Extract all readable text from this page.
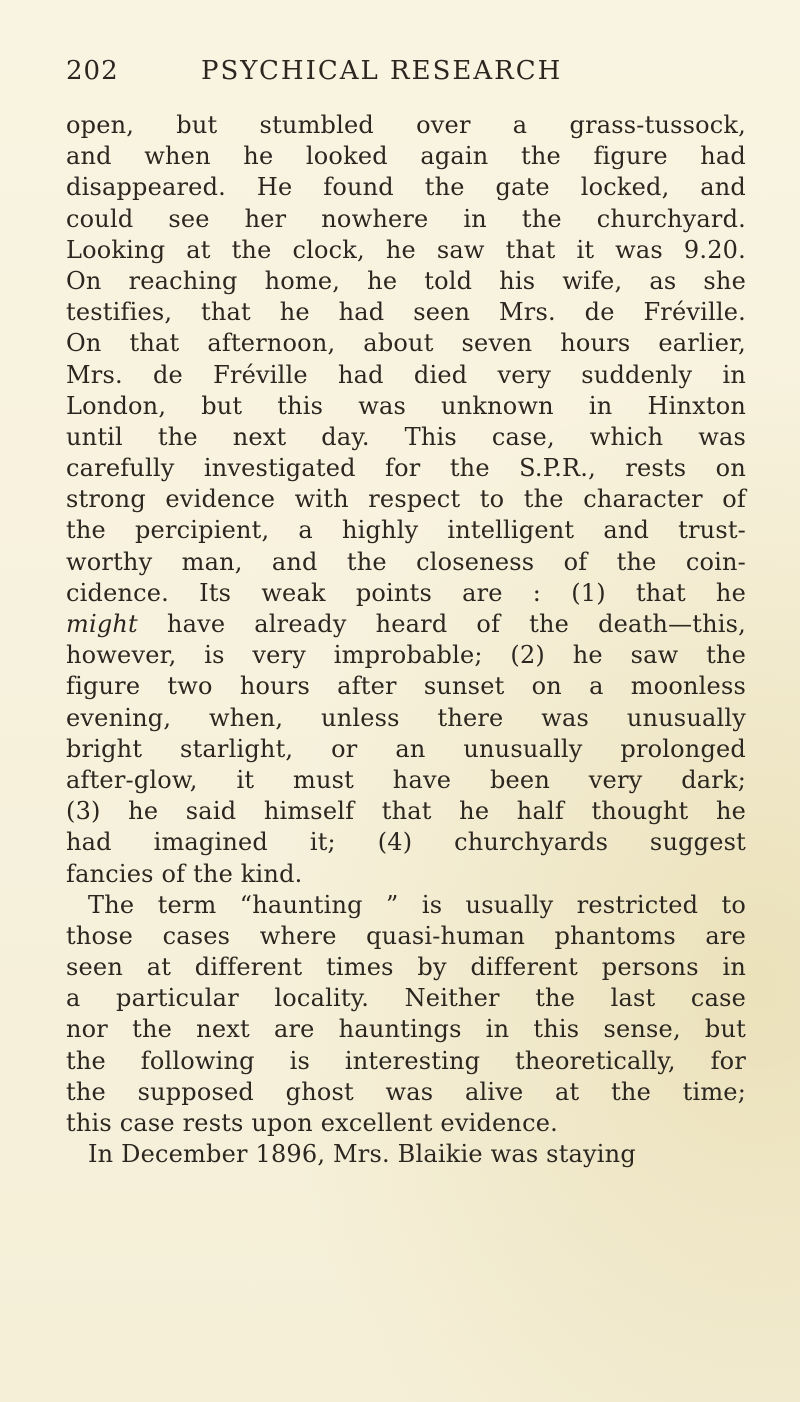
202	PSYCHICAL RESEARCH
open, but stumbled over a grass-tussock,
and when he looked again the figure had
disappeared. He found the gate locked, and
could see her nowhere in the churchyard.
Looking at the clock, he saw that it was 9.20.
On reaching home, he told his wife, as she
testifies, that he had seen Mrs. de Fréville.
On that afternoon, about seven hours earlier,
Mrs. de Fréville had died very suddenly in
London, but this was unknown in Hinxton
until the next day. This case, which was
carefully investigated for the S.P.R., rests on
strong evidence with respect to the character of
the percipient, a highly intelligent and trust-
worthy man, and the closeness of the coin-
cidence. Its weak points are : (1) that he
might have already heard of the death—this,
however, is very improbable; (2) he saw the
figure two hours after sunset on a moonless
evening, when, unless there was unusually
bright starlight, or an unusually prolonged
after-glow, it must have been very dark;
(3) he said himself that he half thought he
had imagined it; (4) churchyards suggest
fancies of the kind.
The term “haunting ” is usually restricted to
those cases where quasi-human phantoms are
seen at different times by different persons in
a particular locality. Neither the last case
nor the next are hauntings in this sense, but
the following is interesting theoretically, for
the supposed ghost was alive at the time;
this case rests upon excellent evidence.
In December 1896, Mrs. Blaikie was staying
